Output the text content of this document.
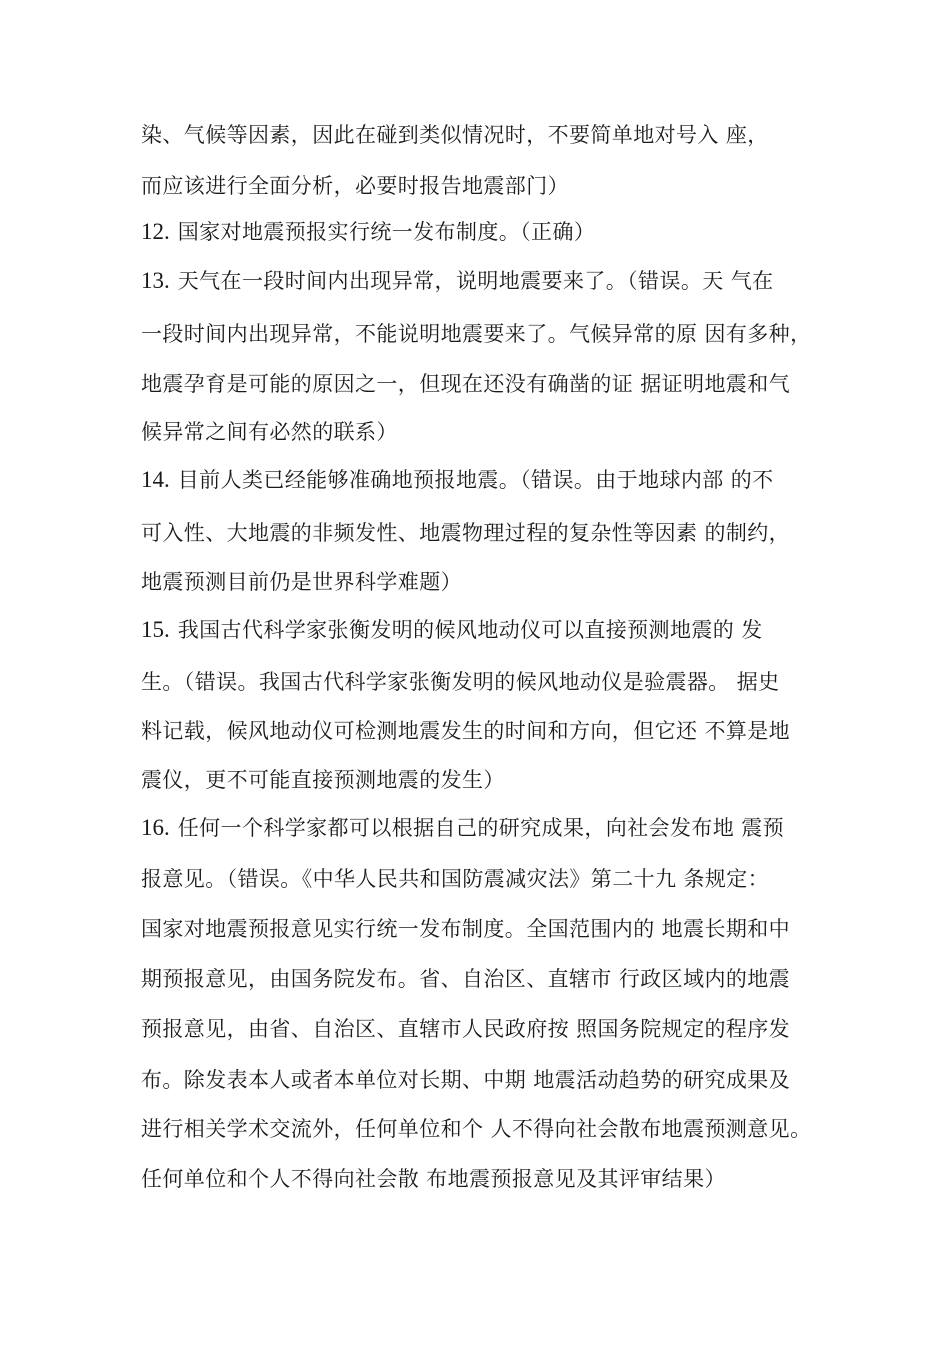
染、气候等因素，因此在碰到类似情况时，不要简单地对号入 座，

而应该进行全面分析，必要时报告地震部门）

12. 国家对地震预报实行统一发布制度。（正确）

13. 天气在一段时间内出现异常，说明地震要来了。（错误。天 气在

一段时间内出现异常，不能说明地震要来了。气候异常的原 因有多种，

地震孕育是可能的原因之一，但现在还没有确凿的证 据证明地震和气

候异常之间有必然的联系）

14. 目前人类已经能够准确地预报地震。（错误。由于地球内部 的不

可入性、大地震的非频发性、地震物理过程的复杂性等因素 的制约，

地震预测目前仍是世界科学难题）

15. 我国古代科学家张衡发明的候风地动仪可以直接预测地震的 发

生。（错误。我国古代科学家张衡发明的候风地动仪是验震器。 据史

料记载，候风地动仪可检测地震发生的时间和方向，但它还 不算是地

震仪，更不可能直接预测地震的发生）

16. 任何一个科学家都可以根据自己的研究成果，向社会发布地 震预

报意见。（错误。《中华人民共和国防震减灾法》第二十九 条规定：

国家对地震预报意见实行统一发布制度。全国范围内的 地震长期和中

期预报意见，由国务院发布。省、自治区、直辖市 行政区域内的地震

预报意见，由省、自治区、直辖市人民政府按 照国务院规定的程序发

布。除发表本人或者本单位对长期、中期 地震活动趋势的研究成果及

进行相关学术交流外，任何单位和个 人不得向社会散布地震预测意见。

任何单位和个人不得向社会散 布地震预报意见及其评审结果）
